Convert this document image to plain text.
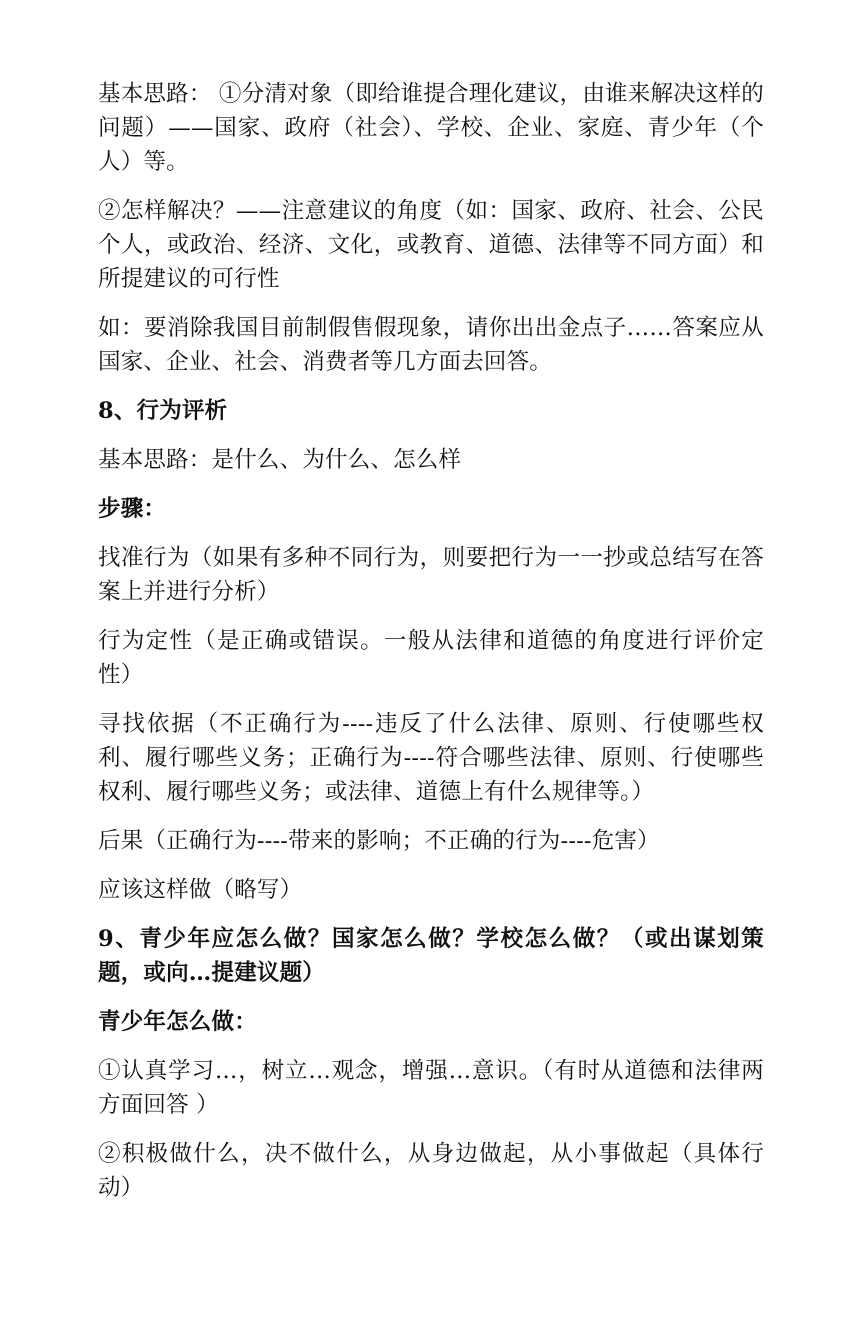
基本思路： ①分清对象（即给谁提合理化建议，由谁来解决这样的问题）——国家、政府（社会）、学校、企业、家庭、青少年（个人）等。

②怎样解决？——注意建议的角度（如：国家、政府、社会、公民个人，或政治、经济、文化，或教育、道德、法律等不同方面）和所提建议的可行性

如：要消除我国目前制假售假现象，请你出出金点子……答案应从国家、企业、社会、消费者等几方面去回答。

8、行为评析

基本思路：是什么、为什么、怎么样

步骤：

找准行为（如果有多种不同行为，则要把行为一一抄或总结写在答案上并进行分析）

行为定性（是正确或错误。一般从法律和道德的角度进行评价定性）

寻找依据（不正确行为----违反了什么法律、原则、行使哪些权利、履行哪些义务；正确行为----符合哪些法律、原则、行使哪些权利、履行哪些义务；或法律、道德上有什么规律等。）

后果（正确行为----带来的影响；不正确的行为----危害）

应该这样做（略写）

9、青少年应怎么做？国家怎么做？学校怎么做？（或出谋划策题，或向…提建议题）

青少年怎么做：

①认真学习…，树立…观念，增强…意识。（有时从道德和法律两方面回答 ）

②积极做什么，决不做什么，从身边做起，从小事做起（具体行动）
